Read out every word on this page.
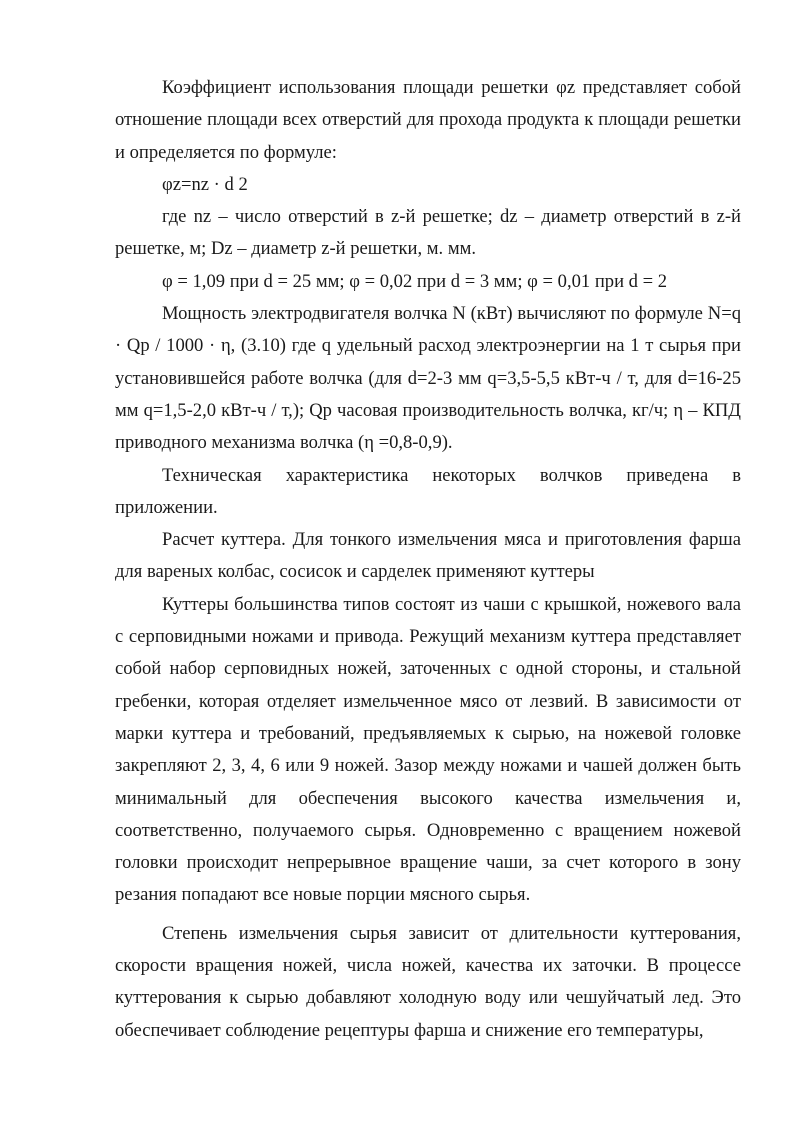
Коэффициент использования площади решетки φz представляет собой отношение площади всех отверстий для прохода продукта к площади решетки и определяется по формуле:

φz=nz · d 2

где nz – число отверстий в z-й решетке; dz – диаметр отверстий в z-й решетке, м; Dz – диаметр z-й решетки, м. мм.

φ = 1,09 при d = 25 мм; φ = 0,02 при d = 3 мм; φ = 0,01 при d = 2

Мощность электродвигателя волчка N (кВт) вычисляют по формуле N=q · Qр / 1000 · η, (3.10) где q удельный расход электроэнергии на 1 т сырья при установившейся работе волчка (для d=2-3 мм q=3,5-5,5 кВт-ч / т, для d=16-25 мм q=1,5-2,0 кВт-ч / т,); Qр часовая производительность волчка, кг/ч; η – КПД приводного механизма волчка (η =0,8-0,9).

Техническая характеристика некоторых волчков приведена в приложении.

Расчет куттера. Для тонкого измельчения мяса и приготовления фарша для вареных колбас, сосисок и сарделек применяют куттеры

Куттеры большинства типов состоят из чаши с крышкой, ножевого вала с серповидными ножами и привода. Режущий механизм куттера представляет собой набор серповидных ножей, заточенных с одной стороны, и стальной гребенки, которая отделяет измельченное мясо от лезвий. В зависимости от марки куттера и требований, предъявляемых к сырью, на ножевой головке закрепляют 2, 3, 4, 6 или 9 ножей. Зазор между ножами и чашей должен быть минимальный для обеспечения высокого качества измельчения и, соответственно, получаемого сырья. Одновременно с вращением ножевой головки происходит непрерывное вращение чаши, за счет которого в зону резания попадают все новые порции мясного сырья.

Степень измельчения сырья зависит от длительности куттерования, скорости вращения ножей, числа ножей, качества их заточки. В процессе куттерования к сырью добавляют холодную воду или чешуйчатый лед. Это обеспечивает соблюдение рецептуры фарша и снижение его температуры,
